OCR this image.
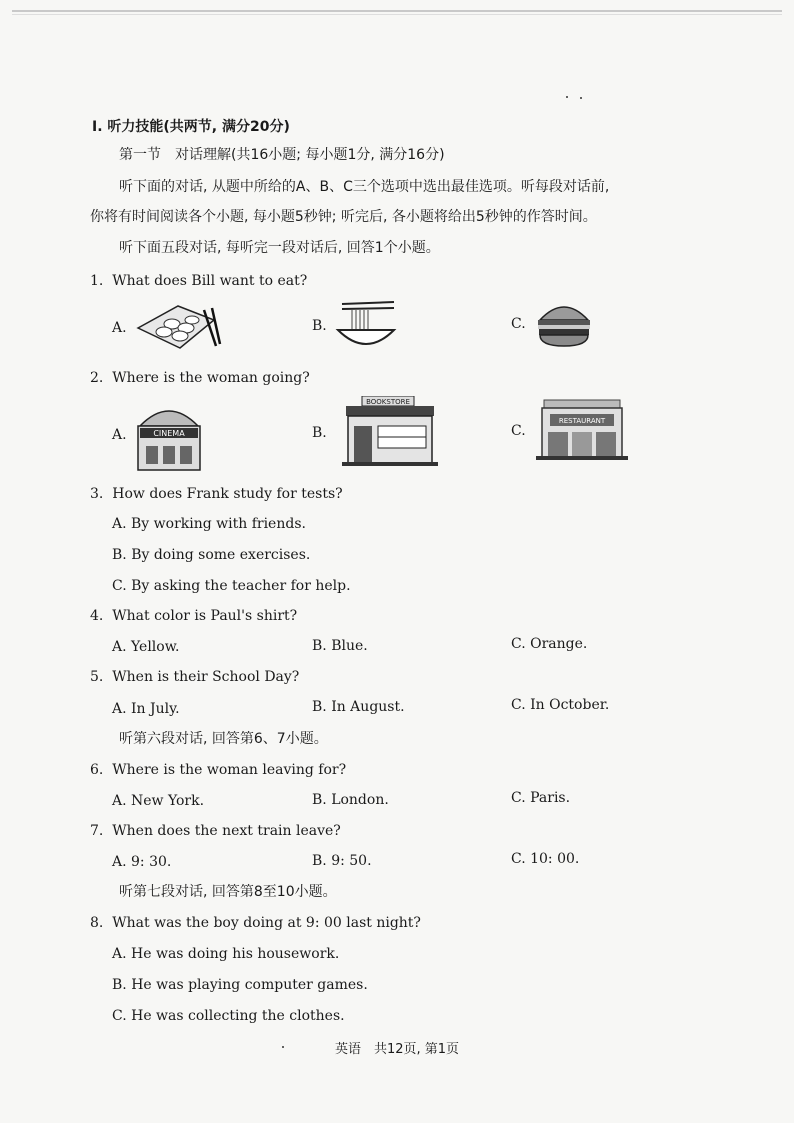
Ⅰ. 听力技能(共两节, 满分20分)
第一节　对话理解(共16小题; 每小题1分, 满分16分)
听下面的对话, 从题中所给的A、B、C三个选项中选出最佳选项。听每段对话前,
你将有时间阅读各个小题, 每小题5秒钟; 听完后, 各小题将给出5秒钟的作答时间。
听下面五段对话, 每听完一段对话后, 回答1个小题。
1. What does Bill want to eat?
A.	B.	C.
2. Where is the woman going?
A.	B.	C.
CINEMA
BOOKSTORE
RESTAURANT
3. How does Frank study for tests?
A. By working with friends.
B. By doing some exercises.
C. By asking the teacher for help.
4. What color is Paul's shirt?
A. Yellow.	B. Blue.	C. Orange.
5. When is their School Day?
A. In July.	B. In August.	C. In October.
听第六段对话, 回答第6、7小题。
6. Where is the woman leaving for?
A. New York.	B. London.	C. Paris.
7. When does the next train leave?
A. 9: 30.	B. 9: 50.	C. 10: 00.
听第七段对话, 回答第8至10小题。
8. What was the boy doing at 9: 00 last night?
A. He was doing his housework.
B. He was playing computer games.
C. He was collecting the clothes.
英语　共12页, 第1页
